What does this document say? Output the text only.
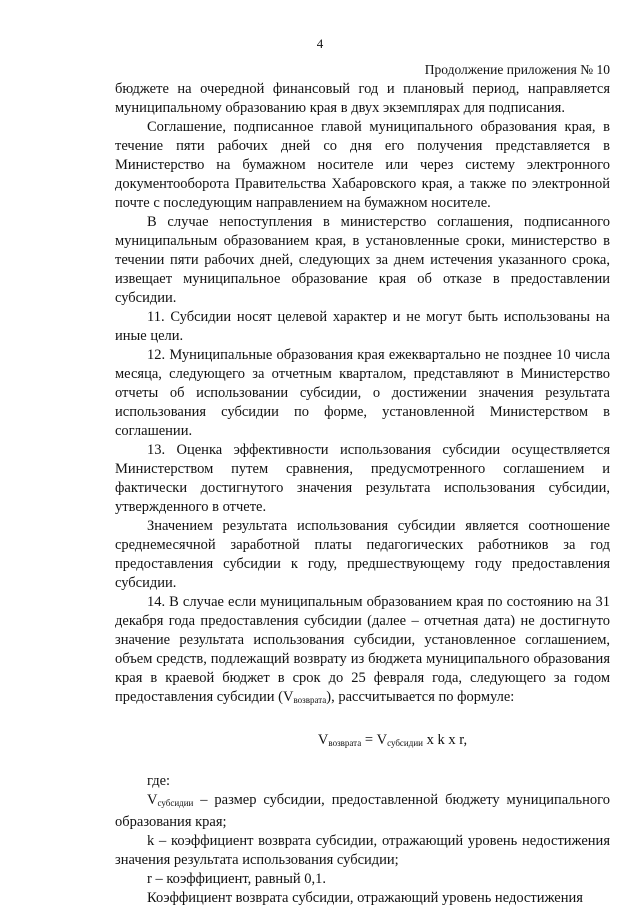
4
Продолжение приложения № 10

бюджете на очередной финансовый год и плановый период, направляется муниципальному образованию края в двух экземплярах для подписания.

Соглашение, подписанное главой муниципального образования края, в течение пяти рабочих дней со дня его получения представляется в Министерство на бумажном носителе или через систему электронного документооборота Правительства Хабаровского края, а также по электронной почте с последующим направлением на бумажном носителе.

В случае непоступления в министерство соглашения, подписанного муниципальным образованием края, в установленные сроки, министерство в течении пяти рабочих дней, следующих за днем истечения указанного срока, извещает муниципальное образование края об отказе в предоставлении субсидии.

11. Субсидии носят целевой характер и не могут быть использованы на иные цели.

12. Муниципальные образования края ежеквартально не позднее 10 числа месяца, следующего за отчетным кварталом, представляют в Министерство отчеты об использовании субсидии, о достижении значения результата использования субсидии по форме, установленной Министерством в соглашении.

13. Оценка эффективности использования субсидии осуществляется Министерством путем сравнения, предусмотренного соглашением и фактически достигнутого значения результата использования субсидии, утвержденного в отчете.

Значением результата использования субсидии является соотношение среднемесячной заработной платы педагогических работников за год предоставления субсидии к году, предшествующему году предоставления субсидии.

14. В случае если муниципальным образованием края по состоянию на 31 декабря года предоставления субсидии (далее – отчетная дата) не достигнуто значение результата использования субсидии, установленное соглашением, объем средств, подлежащий возврату из бюджета муниципального образования края в краевой бюджет в срок до 25 февраля года, следующего за годом предоставления субсидии (Vвозврата), рассчитывается по формуле:

$V_{возврата} = V_{субсидии}$ x k x r,

где:

Vсубсидии – размер субсидии, предоставленной бюджету муниципального образования края;

k – коэффициент возврата субсидии, отражающий уровень недостижения значения результата использования субсидии;

r – коэффициент, равный 0,1.

Коэффициент возврата субсидии, отражающий уровень недостижения
